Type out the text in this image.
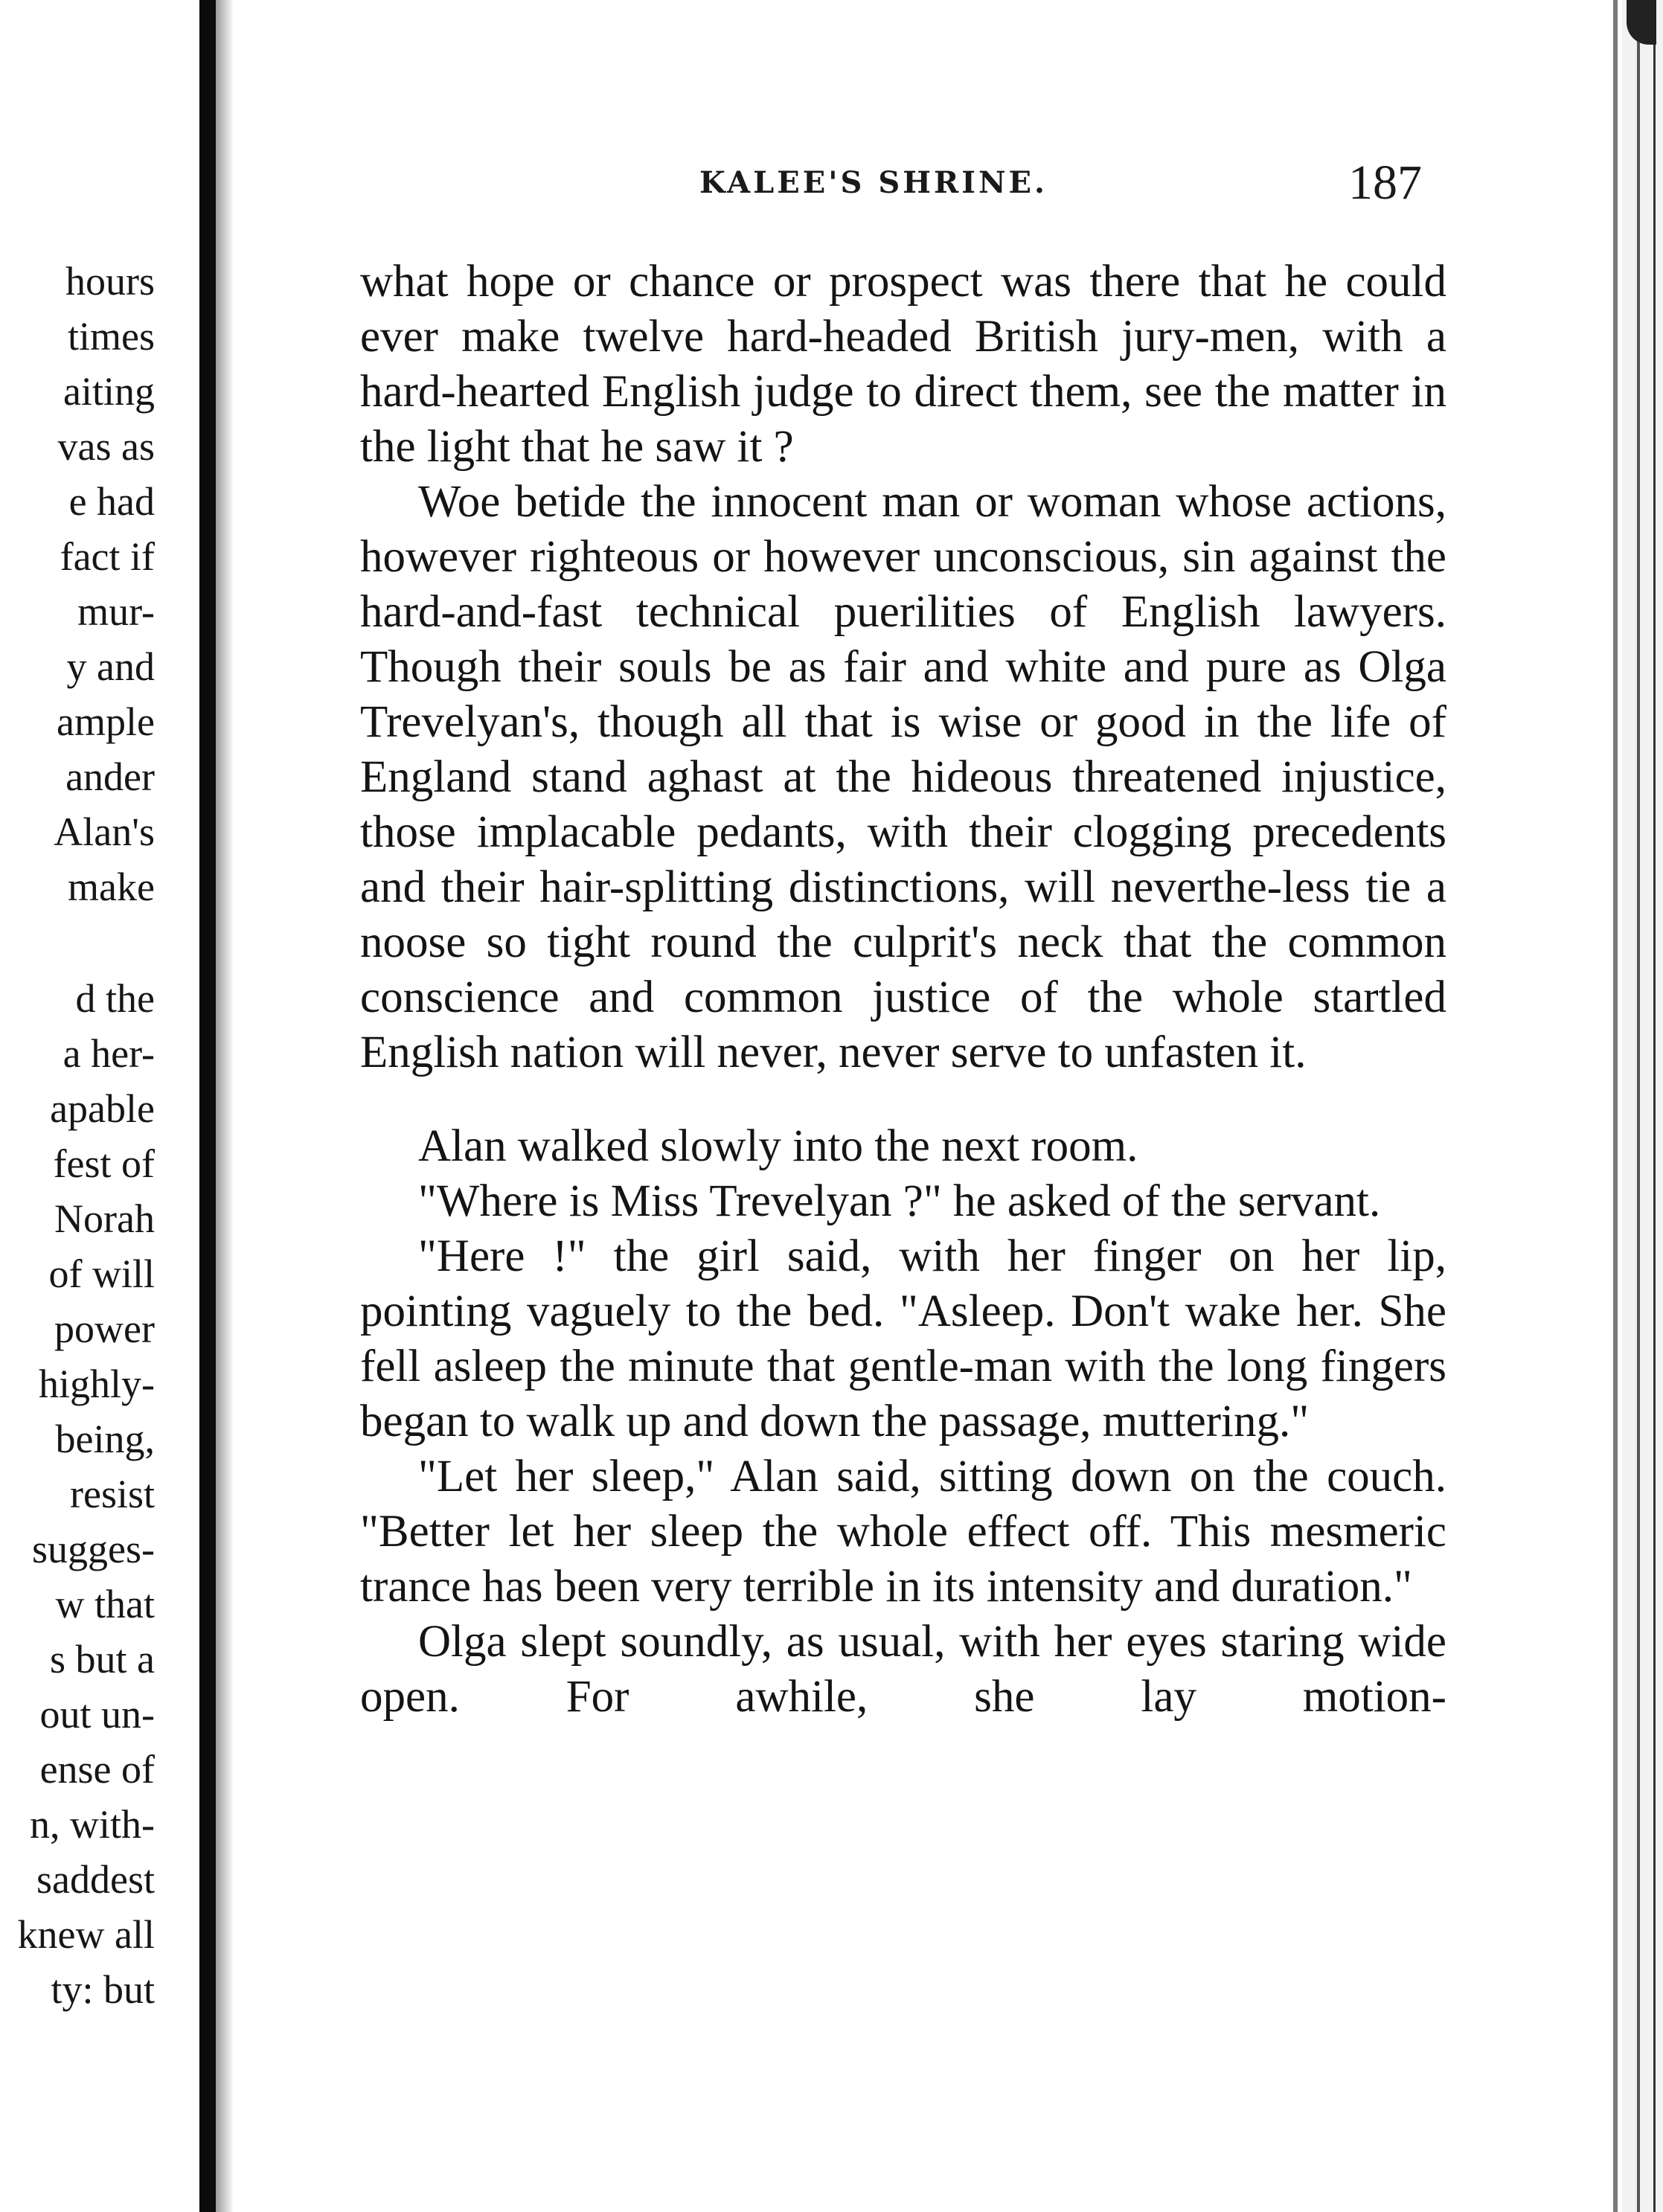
hours
times
aiting
vas as
e had
fact if
mur-
y and
ample
ander
Alan's
make
d the
a her-
apable
fest of
Norah
of will
power
highly-
being,
resist
sugges-
w that
s but a
out un-
ense of
n, with-
saddest
knew all
ty: but
KALEE'S SHRINE.	187

what hope or chance or prospect was there that he could ever make twelve hard-headed British jury-men, with a hard-hearted English judge to direct them, see the matter in the light that he saw it ?

Woe betide the innocent man or woman whose actions, however righteous or however unconscious, sin against the hard-and-fast technical puerilities of English lawyers. Though their souls be as fair and white and pure as Olga Trevelyan's, though all that is wise or good in the life of England stand aghast at the hideous threatened injustice, those implacable pedants, with their clogging precedents and their hair-splitting distinctions, will neverthe-less tie a noose so tight round the culprit's neck that the common conscience and common justice of the whole startled English nation will never, never serve to unfasten it.

Alan walked slowly into the next room.

"Where is Miss Trevelyan ?" he asked of the servant.

"Here !" the girl said, with her finger on her lip, pointing vaguely to the bed. "Asleep. Don't wake her. She fell asleep the minute that gentle-man with the long fingers began to walk up and down the passage, muttering."

"Let her sleep," Alan said, sitting down on the couch. "Better let her sleep the whole effect off. This mesmeric trance has been very terrible in its intensity and duration."

Olga slept soundly, as usual, with her eyes staring wide open. For awhile, she lay motion-
